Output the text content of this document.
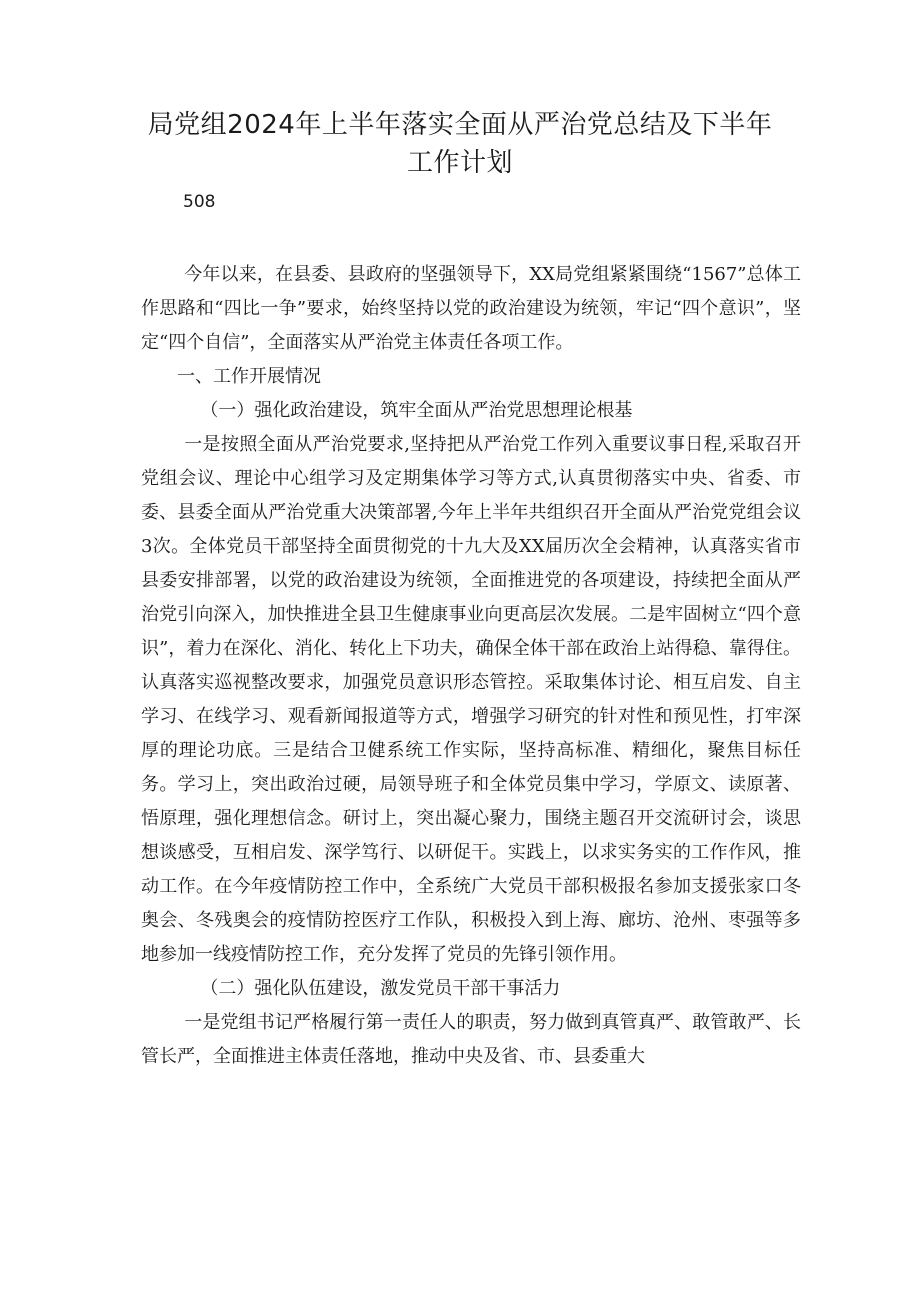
局党组2024年上半年落实全面从严治党总结及下半年工作计划
508

今年以来，在县委、县政府的坚强领导下，XX局党组紧紧围绕“1567”总体工作思路和“四比一争”要求，始终坚持以党的政治建设为统领，牢记“四个意识”，坚定“四个自信”，全面落实从严治党主体责任各项工作。

一、工作开展情况

（一）强化政治建设，筑牢全面从严治党思想理论根基

一是按照全面从严治党要求,坚持把从严治党工作列入重要议事日程,采取召开党组会议、理论中心组学习及定期集体学习等方式,认真贯彻落实中央、省委、市委、县委全面从严治党重大决策部署,今年上半年共组织召开全面从严治党党组会议3次。全体党员干部坚持全面贯彻党的十九大及XX届历次全会精神，认真落实省市县委安排部署，以党的政治建设为统领，全面推进党的各项建设，持续把全面从严治党引向深入，加快推进全县卫生健康事业向更高层次发展。二是牢固树立“四个意识”，着力在深化、消化、转化上下功夫，确保全体干部在政治上站得稳、靠得住。认真落实巡视整改要求，加强党员意识形态管控。采取集体讨论、相互启发、自主学习、在线学习、观看新闻报道等方式，增强学习研究的针对性和预见性，打牢深厚的理论功底。三是结合卫健系统工作实际，坚持高标准、精细化，聚焦目标任务。学习上，突出政治过硬，局领导班子和全体党员集中学习，学原文、读原著、悟原理，强化理想信念。研讨上，突出凝心聚力，围绕主题召开交流研讨会，谈思想谈感受，互相启发、深学笃行、以研促干。实践上，以求实务实的工作作风，推动工作。在今年疫情防控工作中，全系统广大党员干部积极报名参加支援张家口冬奥会、冬残奥会的疫情防控医疗工作队，积极投入到上海、廊坊、沧州、枣强等多地参加一线疫情防控工作，充分发挥了党员的先锋引领作用。

（二）强化队伍建设，激发党员干部干事活力

一是党组书记严格履行第一责任人的职责，努力做到真管真严、敢管敢严、长管长严，全面推进主体责任落地，推动中央及省、市、县委重大
